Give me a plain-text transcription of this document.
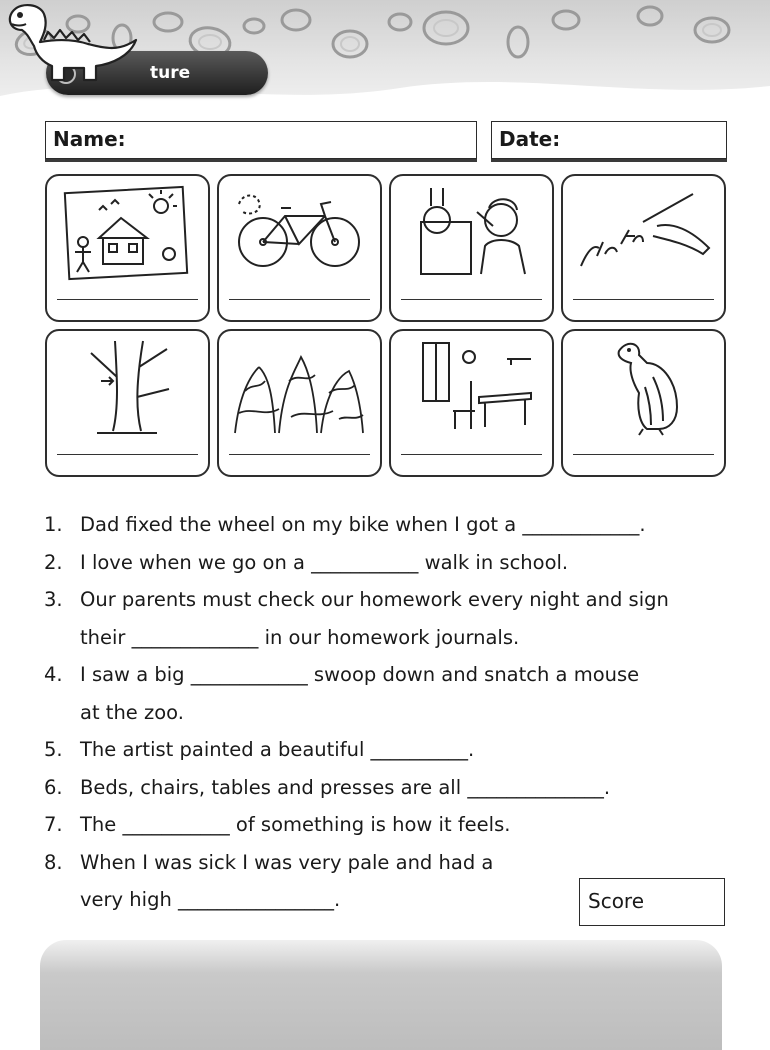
ture
Name:	Date:
1. Dad fixed the wheel on my bike when I got a ____________.
2. I love when we go on a ___________ walk in school.
3. Our parents must check our homework every night and sign
their _____________ in our homework journals.
4. I saw a big ____________ swoop down and snatch a mouse
at the zoo.
5. The artist painted a beautiful __________.
6. Beds, chairs, tables and presses are all ______________.
7. The ___________ of something is how it feels.
8. When I was sick I was very pale and had a
very high ________________.	Score
